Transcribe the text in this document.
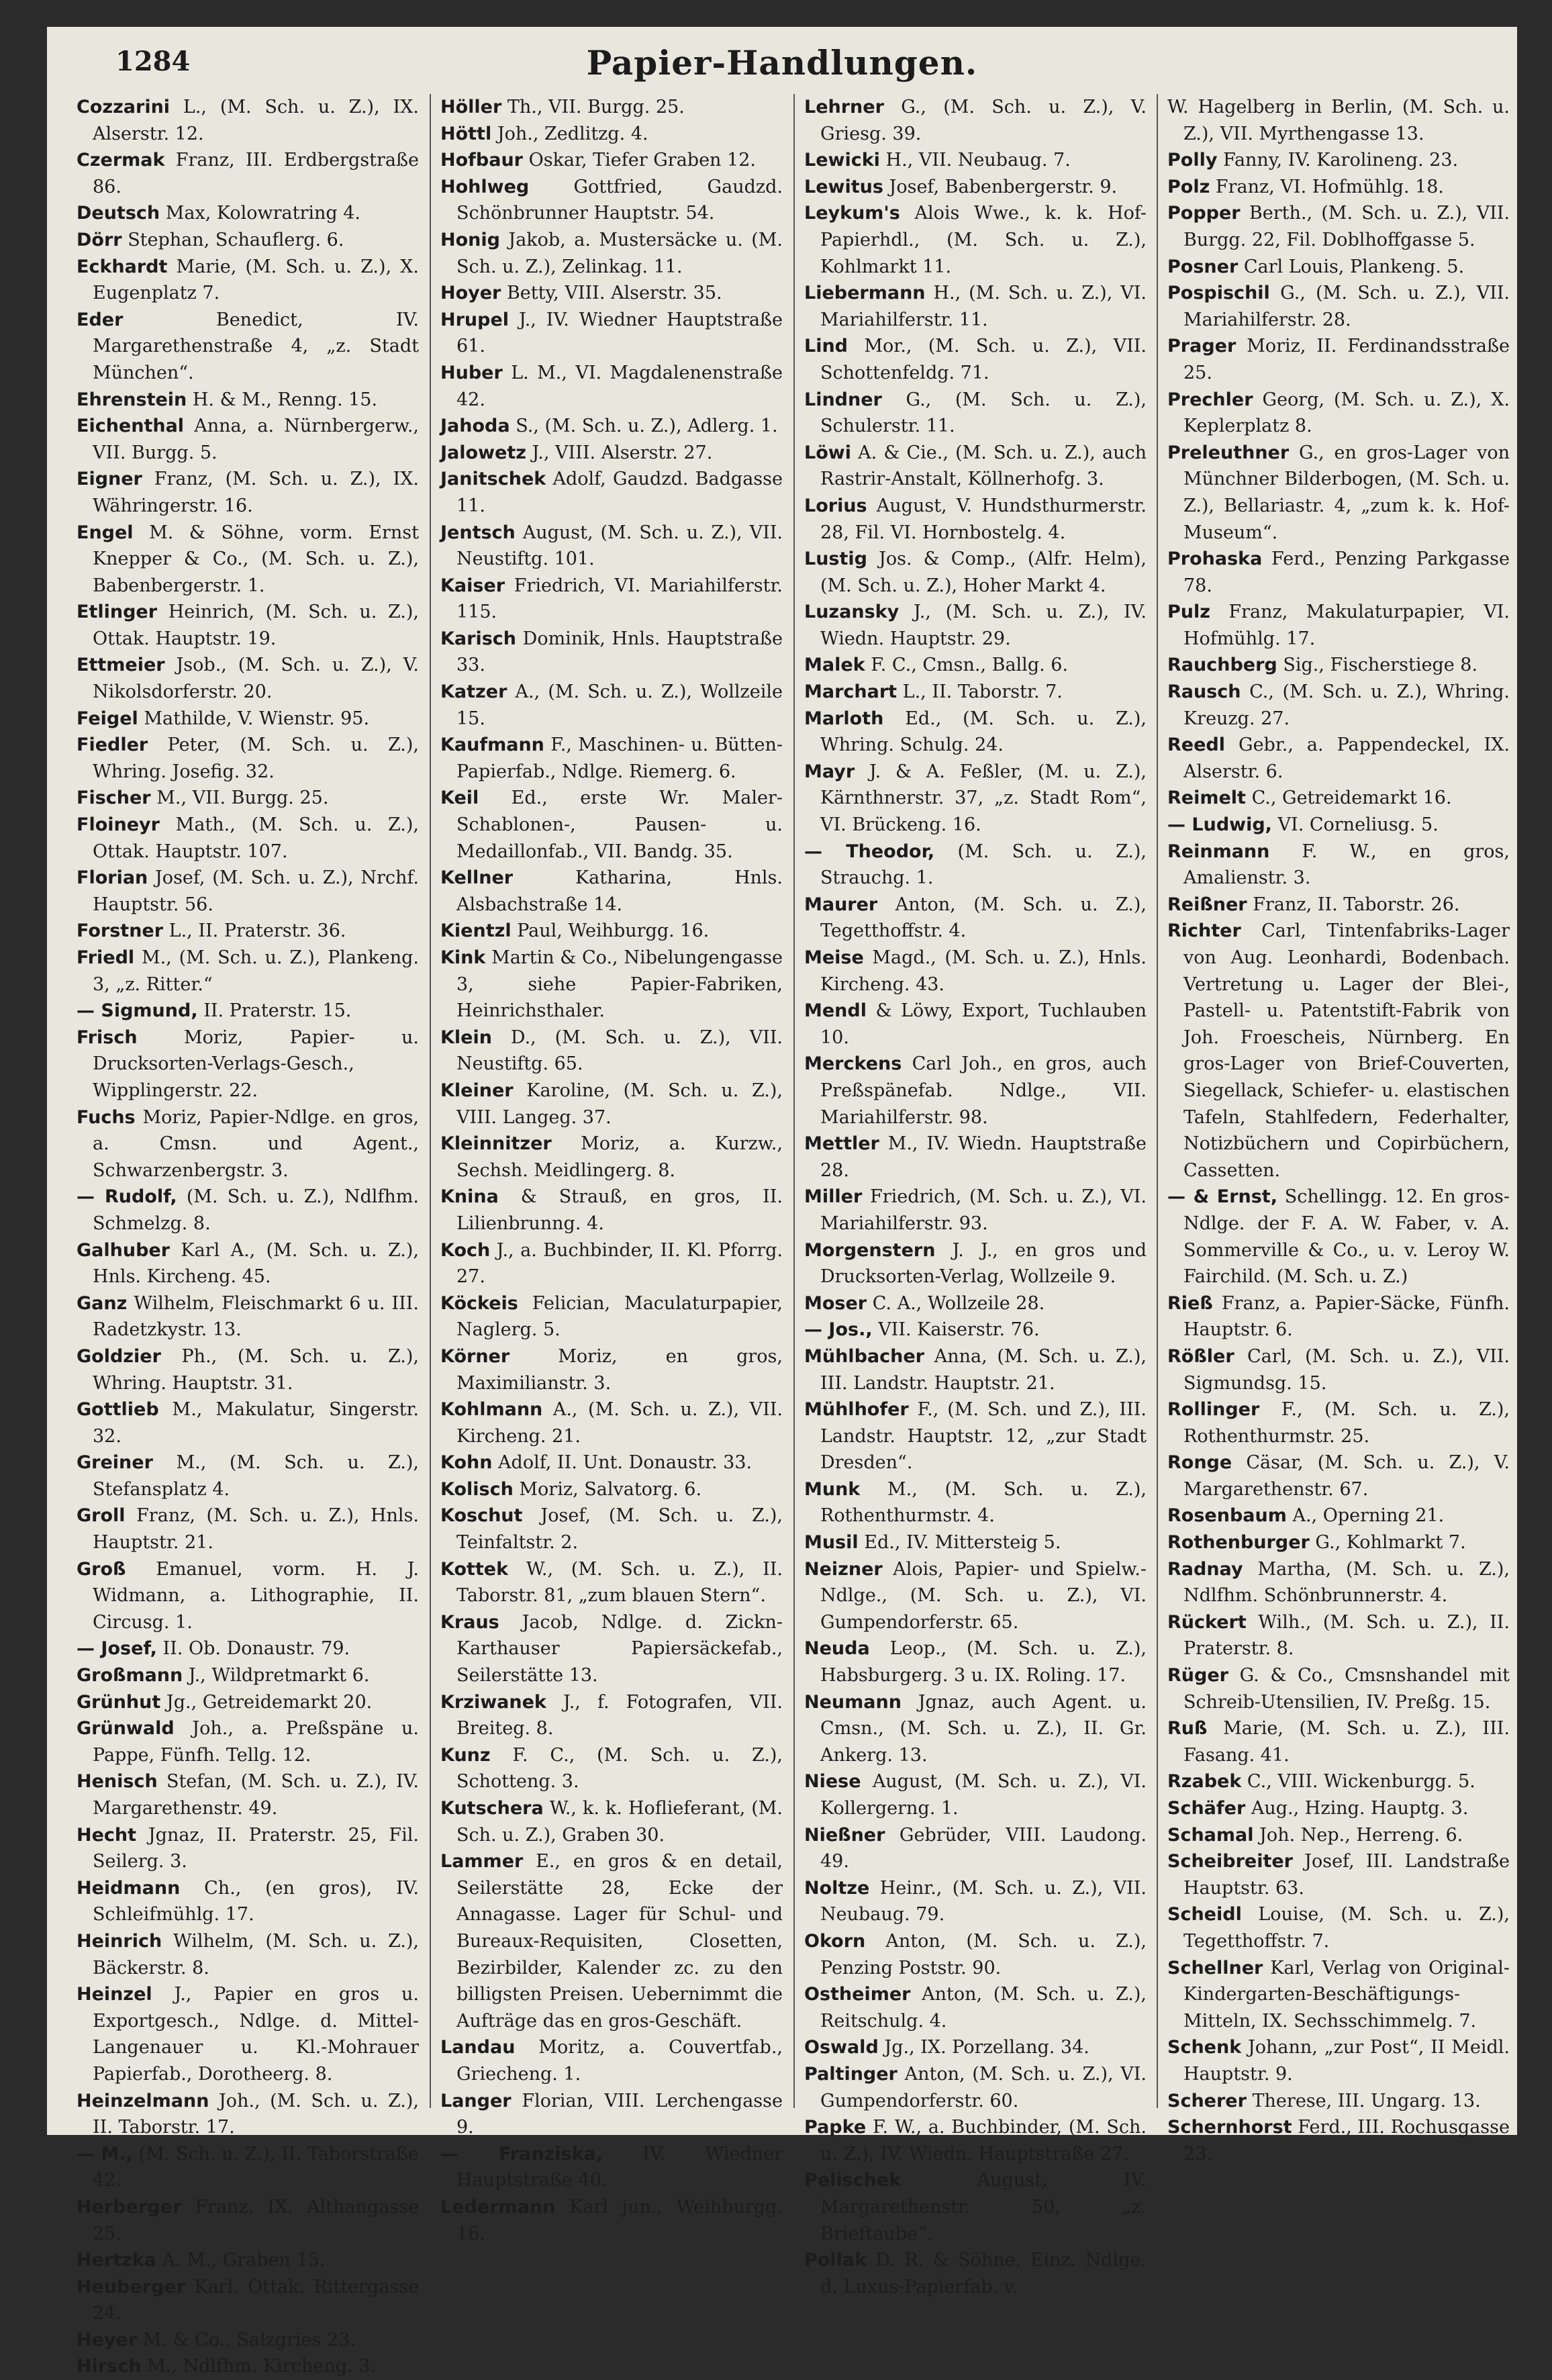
1284	Papier-Handlungen.
Cozzarini L., (M. Sch. u. Z.), IX. Alserstr. 12.
Czermak Franz, III. Erdbergstraße 86.
Deutsch Max, Kolowratring 4.
Dörr Stephan, Schauflerg. 6.
Eckhardt Marie, (M. Sch. u. Z.), X. Eugenplatz 7.
Eder	Benedict, IV. Margarethenstraße 4, „z. Stadt München“.
Ehrenstein H. & M., Renng. 15.
Eichenthal Anna, a. Nürnbergerw., VII. Burgg. 5.
Eigner Franz, (M. Sch. u. Z.), IX. Währingerstr. 16.
Engel M. & Söhne, vorm. Ernst Knepper & Co., (M. Sch. u. Z.), Babenbergerstr. 1.
Etlinger Heinrich, (M. Sch. u. Z.), Ottak. Hauptstr. 19.
Ettmeier Jsob., (M. Sch. u. Z.), V. Nikolsdorferstr. 20.
Feigel Mathilde, V. Wienstr. 95.
Fiedler Peter, (M. Sch. u. Z.), Whring. Josefig. 32.
Fischer M., VII. Burgg. 25.
Floineyr Math., (M. Sch. u. Z.), Ottak. Hauptstr. 107.
Florian Josef, (M. Sch. u. Z.), Nrchf. Hauptstr. 56.
Forstner L., II. Praterstr. 36.
Friedl M., (M. Sch. u. Z.), Plankeng. 3, „z. Ritter.“
— Sigmund, II. Praterstr. 15.
Frisch	Moriz, Papier- u. Drucksorten-Verlags-Gesch., Wipplingerstr. 22.
Fuchs Moriz, Papier-Ndlge. en gros, a. Cmsn. und Agent., Schwarzenbergstr. 3.
— Rudolf, (M. Sch. u. Z.), Ndlfhm. Schmelzg. 8.
Galhuber Karl A., (M. Sch. u. Z.), Hnls. Kircheng. 45.
Ganz Wilhelm, Fleischmarkt 6 u. III. Radetzkystr. 13.
Goldzier Ph., (M. Sch. u. Z.), Whring. Hauptstr. 31.
Gottlieb M., Makulatur, Singerstr. 32.
Greiner M., (M. Sch. u. Z.), Stefansplatz 4.
Groll Franz, (M. Sch. u. Z.), Hnls. Hauptstr. 21.
Groß Emanuel, vorm. H. J. Widmann, a. Lithographie, II. Circusg. 1.
— Josef, II. Ob. Donaustr. 79.
Großmann J., Wildpretmarkt 6.
Grünhut Jg., Getreidemarkt 20.
Grünwald Joh., a. Preßspäne u. Pappe, Fünfh. Tellg. 12.
Henisch Stefan, (M. Sch. u. Z.), IV. Margarethenstr. 49.
Hecht Jgnaz, II. Praterstr. 25, Fil. Seilerg. 3.
Heidmann Ch., (en gros), IV. Schleifmühlg. 17.
Heinrich Wilhelm, (M. Sch. u. Z.), Bäckerstr. 8.
Heinzel J., Papier en gros u. Exportgesch., Ndlge. d. Mittel-Langenauer u. Kl.-Mohrauer Papierfab., Dorotheerg. 8.
Heinzelmann Joh., (M. Sch. u. Z.), II. Taborstr. 17.
— M., (M. Sch. u. Z.), II. Taborstraße 42.
Herberger Franz, IX. Althangasse 25.
Hertzka A. M., Graben 15.
Heuberger Karl, Ottak. Rittergasse 24.
Heyer M. & Co., Salzgries 23.
Hirsch M., Ndlfhm. Kircheng. 3.
Höller Th., VII. Burgg. 25.
Höttl Joh., Zedlitzg. 4.
Hofbaur Oskar, Tiefer Graben 12.
Hohlweg Gottfried, Gaudzd. Schönbrunner Hauptstr. 54.
Honig Jakob, a. Mustersäcke u. (M. Sch. u. Z.), Zelinkag. 11.
Hoyer Betty, VIII. Alserstr. 35.
Hrupel J., IV. Wiedner Hauptstraße 61.
Huber L. M., VI. Magdalenenstraße 42.
Jahoda S., (M. Sch. u. Z.), Adlerg. 1.
Jalowetz J., VIII. Alserstr. 27.
Janitschek Adolf, Gaudzd. Badgasse 11.
Jentsch August, (M. Sch. u. Z.), VII. Neustiftg. 101.
Kaiser Friedrich, VI. Mariahilferstr. 115.
Karisch Dominik, Hnls. Hauptstraße 33.
Katzer A., (M. Sch. u. Z.), Wollzeile 15.
Kaufmann F., Maschinen- u. Bütten-Papierfab., Ndlge. Riemerg. 6.
Keil Ed., erste Wr. Maler-Schablonen-, Pausen- u. Medaillonfab., VII. Bandg. 35.
Kellner	Katharina, Hnls. Alsbachstraße 14.
Kientzl Paul, Weihburgg. 16.
Kink Martin & Co., Nibelungengasse 3, siehe Papier-Fabriken, Heinrichsthaler.
Klein D., (M. Sch. u. Z.), VII. Neustiftg. 65.
Kleiner Karoline, (M. Sch. u. Z.), VIII. Langeg. 37.
Kleinnitzer Moriz, a. Kurzw., Sechsh. Meidlingerg. 8.
Knina & Strauß, en gros, II. Lilienbrunng. 4.
Koch J., a. Buchbinder, II. Kl. Pforrg. 27.
Köckeis Felician, Maculaturpapier, Naglerg. 5.
Körner	Moriz, en gros, Maximilianstr. 3.
Kohlmann A., (M. Sch. u. Z.), VII. Kircheng. 21.
Kohn Adolf, II. Unt. Donaustr. 33.
Kolisch Moriz, Salvatorg. 6.
Koschut Josef, (M. Sch. u. Z.), Teinfaltstr. 2.
Kottek W., (M. Sch. u. Z.), II. Taborstr. 81, „zum blauen Stern“.
Kraus Jacob, Ndlge. d. Zickn-Karthauser Papiersäckefab., Seilerstätte 13.
Krziwanek J., f. Fotografen, VII. Breiteg. 8.
Kunz F. C., (M. Sch. u. Z.), Schotteng. 3.
Kutschera W., k. k. Hoflieferant, (M. Sch. u. Z.), Graben 30.
Lammer E., en gros & en detail, Seilerstätte 28, Ecke der Annagasse. Lager für Schul- und Bureaux-Requisiten, Closetten, Bezirbilder, Kalender zc. zu den billigsten Preisen. Uebernimmt die Aufträge das en gros-Geschäft.
Landau Moritz, a. Couvertfab., Griecheng. 1.
Langer Florian, VIII. Lerchengasse 9.
— Franziska, IV. Wiedner Hauptstraße 40.
Ledermann Karl jun., Weihburgg. 16.
Lehrner G., (M. Sch. u. Z.), V. Griesg. 39.
Lewicki H., VII. Neubaug. 7.
Lewitus Josef, Babenbergerstr. 9.
Leykum's Alois Wwe., k. k. Hof-Papierhdl., (M. Sch. u. Z.), Kohlmarkt 11.
Liebermann H., (M. Sch. u. Z.), VI. Mariahilferstr. 11.
Lind Mor., (M. Sch. u. Z.), VII. Schottenfeldg. 71.
Lindner G., (M. Sch. u. Z.), Schulerstr. 11.
Löwi A. & Cie., (M. Sch. u. Z.), auch Rastrir-Anstalt, Köllnerhofg. 3.
Lorius August, V. Hundsthurmerstr. 28, Fil. VI. Hornbostelg. 4.
Lustig Jos. & Comp., (Alfr. Helm), (M. Sch. u. Z.), Hoher Markt 4.
Luzansky J., (M. Sch. u. Z.), IV. Wiedn. Hauptstr. 29.
Malek F. C., Cmsn., Ballg. 6.
Marchart L., II. Taborstr. 7.
Marloth Ed., (M. Sch. u. Z.), Whring. Schulg. 24.
Mayr J. & A. Feßler, (M. u. Z.), Kärnthnerstr. 37, „z. Stadt Rom“, VI. Brückeng. 16.
— Theodor, (M. Sch. u. Z.), Strauchg. 1.
Maurer Anton, (M. Sch. u. Z.), Tegetthoffstr. 4.
Meise Magd., (M. Sch. u. Z.), Hnls. Kircheng. 43.
Mendl & Löwy, Export, Tuchlauben 10.
Merckens Carl Joh., en gros, auch Preßspänefab. Ndlge., VII. Mariahilferstr. 98.
Mettler M., IV. Wiedn. Hauptstraße 28.
Miller Friedrich, (M. Sch. u. Z.), VI. Mariahilferstr. 93.
Morgenstern J. J., en gros und Drucksorten-Verlag, Wollzeile 9.
Moser C. A., Wollzeile 28.
— Jos., VII. Kaiserstr. 76.
Mühlbacher Anna, (M. Sch. u. Z.), III. Landstr. Hauptstr. 21.
Mühlhofer F., (M. Sch. und Z.), III. Landstr. Hauptstr. 12, „zur Stadt Dresden“.
Munk M., (M. Sch. u. Z.), Rothenthurmstr. 4.
Musil Ed., IV. Mittersteig 5.
Neizner Alois, Papier- und Spielw.-Ndlge., (M. Sch. u. Z.), VI. Gumpendorferstr. 65.
Neuda Leop., (M. Sch. u. Z.), Habsburgerg. 3 u. IX. Roling. 17.
Neumann Jgnaz, auch Agent. u. Cmsn., (M. Sch. u. Z.), II. Gr. Ankerg. 13.
Niese August, (M. Sch. u. Z.), VI. Kollergerng. 1.
Nießner Gebrüder, VIII. Laudong. 49.
Noltze Heinr., (M. Sch. u. Z.), VII. Neubaug. 79.
Okorn Anton, (M. Sch. u. Z.), Penzing Poststr. 90.
Ostheimer Anton, (M. Sch. u. Z.), Reitschulg. 4.
Oswald Jg., IX. Porzellang. 34.
Paltinger Anton, (M. Sch. u. Z.), VI. Gumpendorferstr. 60.
Papke F. W., a. Buchbinder, (M. Sch. u. Z.), IV. Wiedn. Hauptstraße 27.
Pelischek	August, IV. Margarethenstr. 50, „z. Brieftaube“.
Pollak D. R. & Söhne, Einz. Ndlge. d. Luxus-Papierfab. v.
W. Hagelberg in Berlin, (M. Sch. u. Z.), VII. Myrthengasse 13.
Polly Fanny, IV. Karolineng. 23.
Polz Franz, VI. Hofmühlg. 18.
Popper Berth., (M. Sch. u. Z.), VII. Burgg. 22, Fil. Doblhoffgasse 5.
Posner Carl Louis, Plankeng. 5.
Pospischil G., (M. Sch. u. Z.), VII. Mariahilferstr. 28.
Prager Moriz, II. Ferdinandsstraße 25.
Prechler Georg, (M. Sch. u. Z.), X. Keplerplatz 8.
Preleuthner G., en gros-Lager von Münchner Bilderbogen, (M. Sch. u. Z.), Bellariastr. 4, „zum k. k. Hof-Museum“.
Prohaska Ferd., Penzing Parkgasse 78.
Pulz Franz, Makulaturpapier, VI. Hofmühlg. 17.
Rauchberg Sig., Fischerstiege 8.
Rausch C., (M. Sch. u. Z.), Whring. Kreuzg. 27.
Reedl Gebr., a. Pappendeckel, IX. Alserstr. 6.
Reimelt C., Getreidemarkt 16.
— Ludwig, VI. Corneliusg. 5.
Reinmann F. W., en gros, Amalienstr. 3.
Reißner Franz, II. Taborstr. 26.
Richter Carl, Tintenfabriks-Lager von Aug. Leonhardi, Bodenbach. Vertretung u. Lager der Blei-, Pastell- u. Patentstift-Fabrik von Joh. Froescheis, Nürnberg. En gros-Lager von Brief-Couverten, Siegellack, Schiefer- u. elastischen Tafeln, Stahlfedern, Federhalter, Notizbüchern und Copirbüchern, Cassetten.
— & Ernst, Schellingg. 12. En gros-Ndlge. der F. A. W. Faber, v. A. Sommerville & Co., u. v. Leroy W. Fairchild. (M. Sch. u. Z.)
Rieß Franz, a. Papier-Säcke, Fünfh. Hauptstr. 6.
Rößler Carl, (M. Sch. u. Z.), VII. Sigmundsg. 15.
Rollinger F., (M. Sch. u. Z.), Rothenthurmstr. 25.
Ronge Cäsar, (M. Sch. u. Z.), V. Margarethenstr. 67.
Rosenbaum A., Operning 21.
Rothenburger G., Kohlmarkt 7.
Radnay Martha, (M. Sch. u. Z.), Ndlfhm. Schönbrunnerstr. 4.
Rückert Wilh., (M. Sch. u. Z.), II. Praterstr. 8.
Rüger G. & Co., Cmsnshandel mit Schreib-Utensilien, IV. Preßg. 15.
Ruß Marie, (M. Sch. u. Z.), III. Fasang. 41.
Rzabek C., VIII. Wickenburgg. 5.
Schäfer Aug., Hzing. Hauptg. 3.
Schamal Joh. Nep., Herreng. 6.
Scheibreiter Josef, III. Landstraße Hauptstr. 63.
Scheidl Louise, (M. Sch. u. Z.), Tegetthoffstr. 7.
Schellner Karl, Verlag von Original-Kindergarten-Beschäftigungs-Mitteln, IX. Sechsschimmelg. 7.
Schenk Johann, „zur Post“, II Meidl. Hauptstr. 9.
Scherer Therese, III. Ungarg. 13.
Schernhorst Ferd., III. Rochusgasse 23.
